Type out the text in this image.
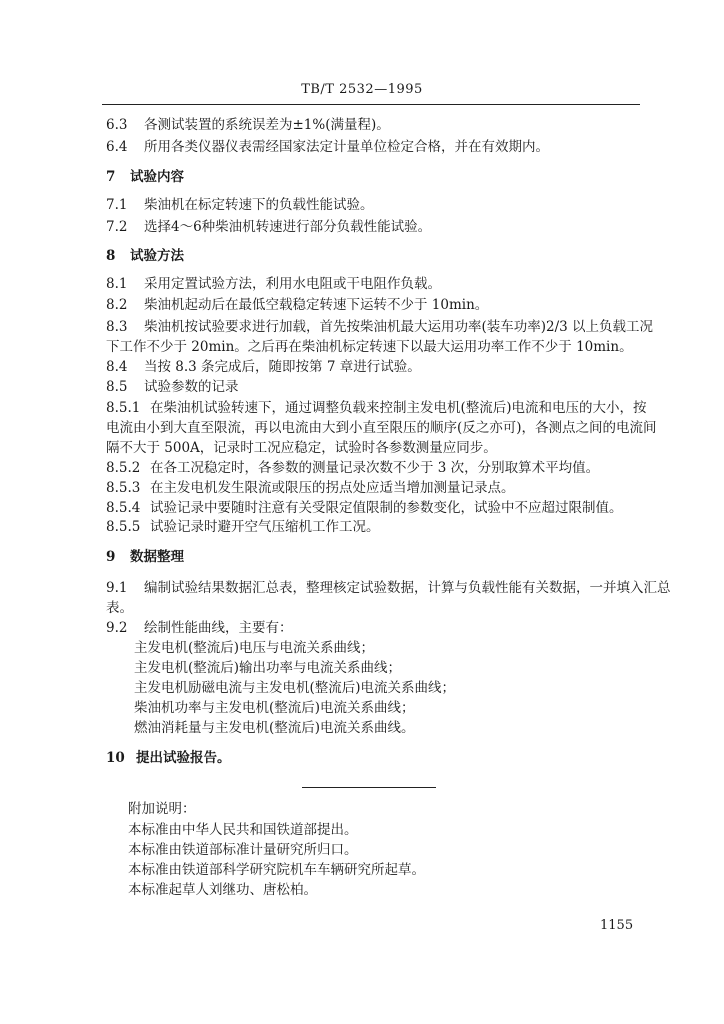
TB/T 2532—1995
6.3 各测试装置的系统误差为±1%(满量程)。
6.4 所用各类仪器仪表需经国家法定计量单位检定合格，并在有效期内。
7 试验内容
7.1 柴油机在标定转速下的负载性能试验。
7.2 选择4～6种柴油机转速进行部分负载性能试验。
8 试验方法
8.1 采用定置试验方法，利用水电阻或干电阻作负载。
8.2 柴油机起动后在最低空载稳定转速下运转不少于 10min。
8.3 柴油机按试验要求进行加载，首先按柴油机最大运用功率(装车功率)2/3 以上负载工况
下工作不少于 20min。之后再在柴油机标定转速下以最大运用功率工作不少于 10min。
8.4 当按 8.3 条完成后，随即按第 7 章进行试验。
8.5 试验参数的记录
8.5.1 在柴油机试验转速下，通过调整负载来控制主发电机(整流后)电流和电压的大小，按
电流由小到大直至限流，再以电流由大到小直至限压的顺序(反之亦可)，各测点之间的电流间
隔不大于 500A，记录时工况应稳定，试验时各参数测量应同步。
8.5.2 在各工况稳定时，各参数的测量记录次数不少于 3 次，分别取算术平均值。
8.5.3 在主发电机发生限流或限压的拐点处应适当增加测量记录点。
8.5.4 试验记录中要随时注意有关受限定值限制的参数变化，试验中不应超过限制值。
8.5.5 试验记录时避开空气压缩机工作工况。
9 数据整理
9.1 编制试验结果数据汇总表，整理核定试验数据，计算与负载性能有关数据，一并填入汇总
表。
9.2 绘制性能曲线，主要有：
主发电机(整流后)电压与电流关系曲线；
主发电机(整流后)输出功率与电流关系曲线；
主发电机励磁电流与主发电机(整流后)电流关系曲线；
柴油机功率与主发电机(整流后)电流关系曲线；
燃油消耗量与主发电机(整流后)电流关系曲线。
10 提出试验报告。
附加说明：
本标准由中华人民共和国铁道部提出。
本标准由铁道部标准计量研究所归口。
本标准由铁道部科学研究院机车车辆研究所起草。
本标准起草人刘继功、唐松柏。
1155
